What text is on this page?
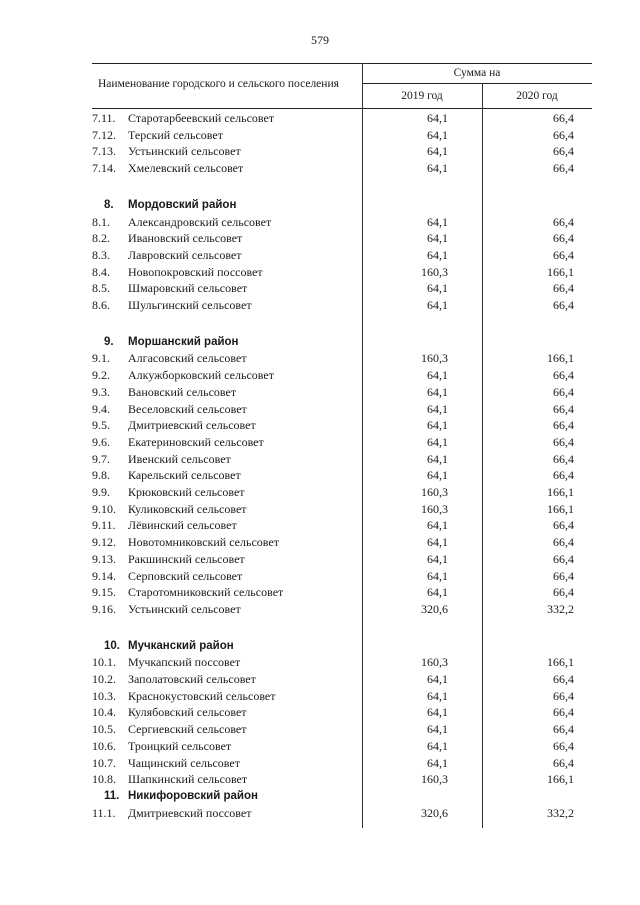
579
Наименование городского и сельского поселения
Сумма на
2019 год	2020 год
7.11. Старотарбеевский сельсовет	64,1	66,4
7.12. Терский сельсовет	64,1	66,4
7.13. Устьинский сельсовет	64,1	66,4
7.14. Хмелевский сельсовет	64,1	66,4
8. Мордовский район
8.1. Александровский сельсовет	64,1	66,4
8.2. Ивановский сельсовет	64,1	66,4
8.3. Лавровский сельсовет	64,1	66,4
8.4. Новопокровский поссовет	160,3	166,1
8.5. Шмаровский сельсовет	64,1	66,4
8.6. Шульгинский сельсовет	64,1	66,4
9. Моршанский район
9.1. Алгасовский сельсовет	160,3	166,1
9.2. Алкужборковский сельсовет	64,1	66,4
9.3. Вановский сельсовет	64,1	66,4
9.4. Веселовский сельсовет	64,1	66,4
9.5. Дмитриевский сельсовет	64,1	66,4
9.6. Екатериновский сельсовет	64,1	66,4
9.7. Ивенский сельсовет	64,1	66,4
9.8. Карельский сельсовет	64,1	66,4
9.9. Крюковский сельсовет	160,3	166,1
9.10. Куликовский сельсовет	160,3	166,1
9.11. Лёвинский сельсовет	64,1	66,4
9.12. Новотомниковский сельсовет	64,1	66,4
9.13. Ракшинский сельсовет	64,1	66,4
9.14. Серповский сельсовет	64,1	66,4
9.15. Старотомниковский сельсовет	64,1	66,4
9.16. Устьинский сельсовет	320,6	332,2
10. Мучканский район
10.1. Мучкапский поссовет	160,3	166,1
10.2. Заполатовский сельсовет	64,1	66,4
10.3. Краснокустовский сельсовет	64,1	66,4
10.4. Кулябовский сельсовет	64,1	66,4
10.5. Сергиевский сельсовет	64,1	66,4
10.6. Троицкий сельсовет	64,1	66,4
10.7. Чащинский сельсовет	64,1	66,4
10.8. Шапкинский сельсовет	160,3	166,1
11. Никифоровский район
11.1. Дмитриевский поссовет	320,6	332,2
